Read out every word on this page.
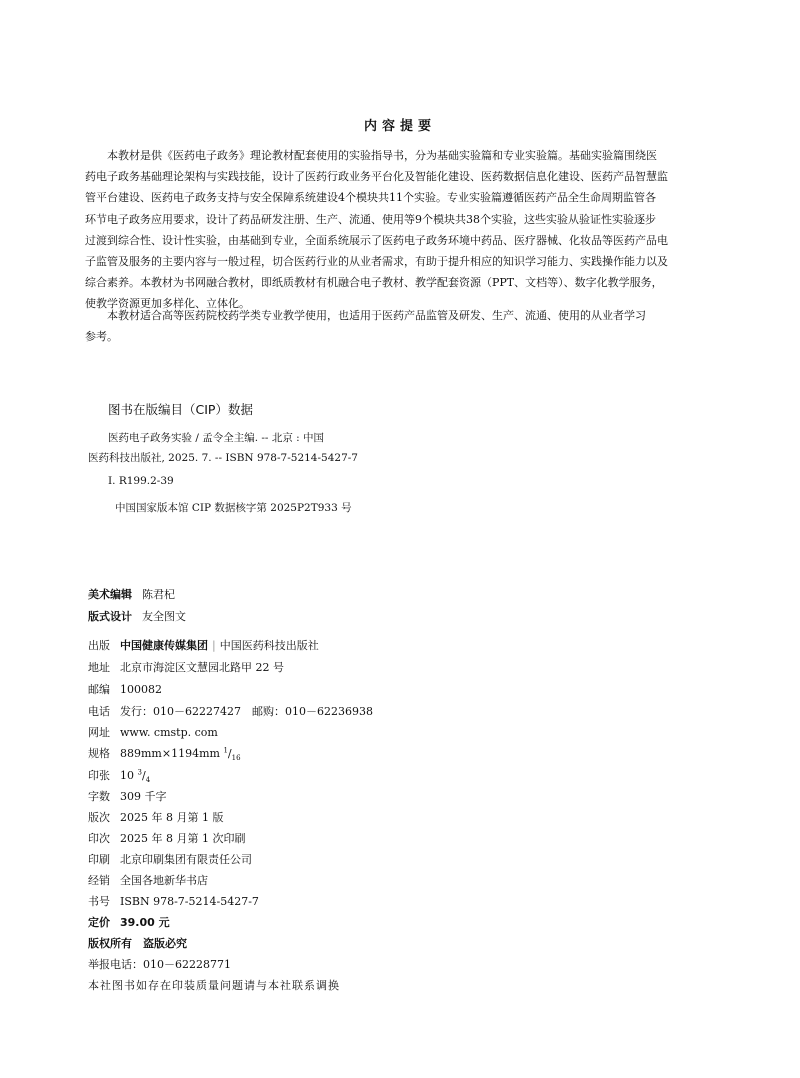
内容提要
　　本教材是供《医药电子政务》理论教材配套使用的实验指导书，分为基础实验篇和专业实验篇。基础实验篇围绕医
药电子政务基础理论架构与实践技能，设计了医药行政业务平台化及智能化建设、医药数据信息化建设、医药产品智慧监
管平台建设、医药电子政务支持与安全保障系统建设4个模块共11个实验。专业实验篇遵循医药产品全生命周期监管各
环节电子政务应用要求，设计了药品研发注册、生产、流通、使用等9个模块共38个实验，这些实验从验证性实验逐步
过渡到综合性、设计性实验，由基础到专业，全面系统展示了医药电子政务环境中药品、医疗器械、化妆品等医药产品电
子监管及服务的主要内容与一般过程，切合医药行业的从业者需求，有助于提升相应的知识学习能力、实践操作能力以及
综合素养。本教材为书网融合教材，即纸质教材有机融合电子教材、教学配套资源（PPT、文档等）、数字化教学服务，
使教学资源更加多样化、立体化。
　　本教材适合高等医药院校药学类专业教学使用，也适用于医药产品监管及研发、生产、流通、使用的从业者学习
参考。
图书在版编目（CIP）数据
医药电子政务实验 / 孟令全主编. -- 北京 : 中国
医药科技出版社, 2025. 7. -- ISBN 978-7-5214-5427-7
Ⅰ. R199.2-39
中国国家版本馆 CIP 数据核字第 2025P2T933 号
美术编辑 陈君杞
版式设计 友全图文
出版 中国健康传媒集团 | 中国医药科技出版社
地址 北京市海淀区文慧园北路甲 22 号
邮编 100082
电话 发行：010－62227427　邮购：010－62236938
网址 www. cmstp. com
规格 889mm×1194mm $^1/_{16}$
印张 10 $^3/_4$
字数 309 千字
版次 2025 年 8 月第 1 版
印次 2025 年 8 月第 1 次印刷
印刷 北京印刷集团有限责任公司
经销 全国各地新华书店
书号 ISBN 978-7-5214-5427-7
定价 39.00 元
版权所有　盗版必究
举报电话：010－62228771
本社图书如存在印装质量问题请与本社联系调换
